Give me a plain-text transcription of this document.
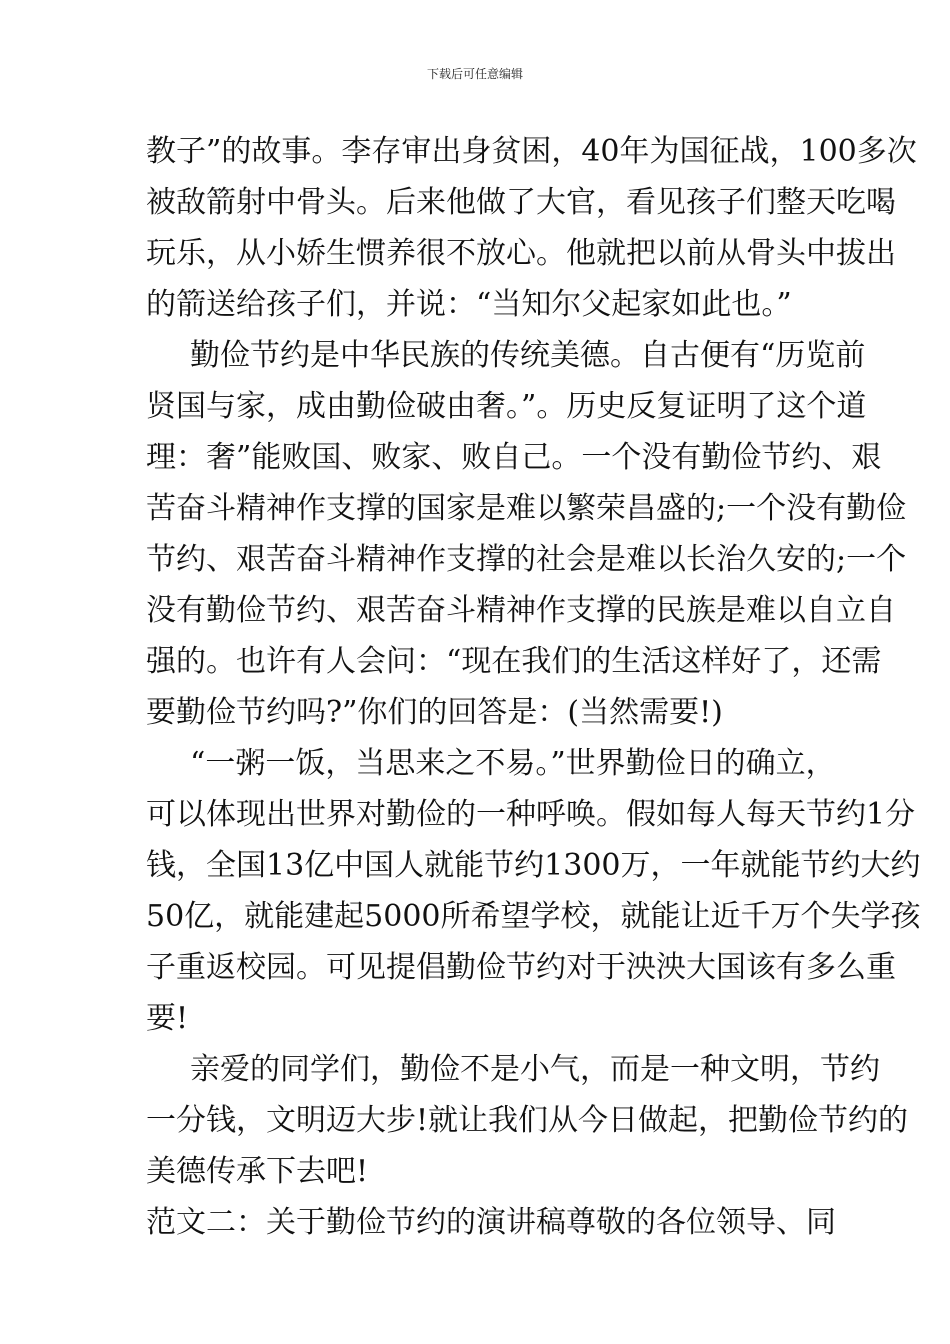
下载后可任意编辑
教子”的故事。李存审出身贫困，40年为国征战，100多次
被敌箭射中骨头。后来他做了大官，看见孩子们整天吃喝
玩乐，从小娇生惯养很不放心。他就把以前从骨头中拔出
的箭送给孩子们，并说：“当知尔父起家如此也。”
勤俭节约是中华民族的传统美德。自古便有“历览前
贤国与家，成由勤俭破由奢。”。历史反复证明了这个道
理：奢”能败国、败家、败自己。一个没有勤俭节约、艰
苦奋斗精神作支撑的国家是难以繁荣昌盛的;一个没有勤俭
节约、艰苦奋斗精神作支撑的社会是难以长治久安的;一个
没有勤俭节约、艰苦奋斗精神作支撑的民族是难以自立自
强的。也许有人会问：“现在我们的生活这样好了，还需
要勤俭节约吗?”你们的回答是：(当然需要!)
“一粥一饭，当思来之不易。”世界勤俭日的确立，
可以体现出世界对勤俭的一种呼唤。假如每人每天节约1分
钱，全国13亿中国人就能节约1300万，一年就能节约大约
50亿，就能建起5000所希望学校，就能让近千万个失学孩
子重返校园。可见提倡勤俭节约对于泱泱大国该有多么重
要!
亲爱的同学们，勤俭不是小气，而是一种文明，节约
一分钱，文明迈大步!就让我们从今日做起，把勤俭节约的
美德传承下去吧!
范文二：关于勤俭节约的演讲稿 尊敬的各位领导、同
